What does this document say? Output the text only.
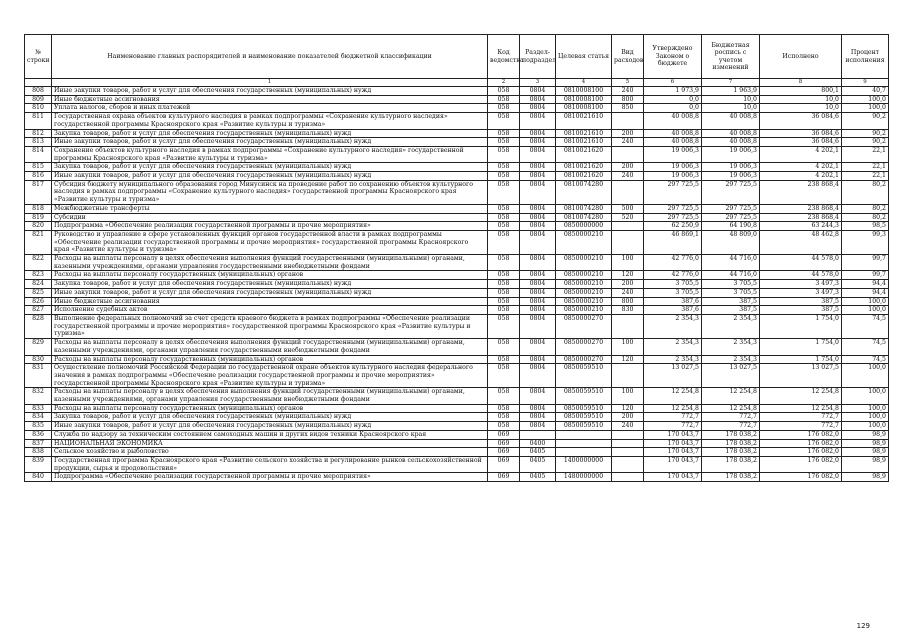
№ строки	Наименование главных распорядителей и наименование показателей бюджетной классификации	Код ведомства	Раздел-подраздел	Целевая статья	Вид расходов	Утверждено Законом о бюджете	Бюджетная роспись с учетом изменений	Исполнено	Процент исполнения
	1	2	3	4	5	6	7	8	9
808	Иные закупки товаров, работ и услуг для обеспечения государственных (муниципальных) нужд	058	0804	0810008100	240	1 973,9	1 963,9	800,1	40,7
809	Иные бюджетные ассигнования	058	0804	0810008100	800	0,0	10,0	10,0	100,0
810	Уплата налогов, сборов и иных платежей	058	0804	0810008100	850	0,0	10,0	10,0	100,0
811	Государственная охрана объектов культурного наследия в рамках подпрограммы «Сохранение культурного наследия» государственной программы Красноярского края «Развитие культуры и туризма»	058	0804	0810021610		40 008,8	40 008,8	36 084,6	90,2
812	Закупка товаров, работ и услуг для обеспечения государственных (муниципальных) нужд	058	0804	0810021610	200	40 008,8	40 008,8	36 084,6	90,2
813	Иные закупки товаров, работ и услуг для обеспечения государственных (муниципальных) нужд	058	0804	0810021610	240	40 008,8	40 008,8	36 084,6	90,2
814	Сохранение объектов культурного наследия в рамках подпрограммы «Сохранение культурного наследия» государственной программы Красноярского края «Развитие культуры и туризма»	058	0804	0810021620		19 006,3	19 006,3	4 202,1	22,1
815	Закупка товаров, работ и услуг для обеспечения государственных (муниципальных) нужд	058	0804	0810021620	200	19 006,3	19 006,3	4 202,1	22,1
816	Иные закупки товаров, работ и услуг для обеспечения государственных (муниципальных) нужд	058	0804	0810021620	240	19 006,3	19 006,3	4 202,1	22,1
817	Субсидия бюджету муниципального образования город Минусинск на проведение работ по сохранению объектов культурного наследия в рамках подпрограммы «Сохранение культурного наследия» государственной программы Красноярского края «Развитие культуры и туризма»	058	0804	0810074280		297 725,5	297 725,5	238 868,4	80,2
818	Межбюджетные трансферты	058	0804	0810074280	500	297 725,5	297 725,5	238 868,4	80,2
819	Субсидии	058	0804	0810074280	520	297 725,5	297 725,5	238 868,4	80,2
820	Подпрограмма «Обеспечение реализации государственной программы и прочие мероприятия»	058	0804	0850000000		62 250,9	64 190,8	63 244,3	98,5
821	Руководство и управление в сфере установленных функций органов государственной власти в рамках подпрограммы «Обеспечение реализации государственной программы и прочие мероприятия» государственной программы Красноярского края «Развитие культуры и туризма»	058	0804	0850000210		46 869,1	48 809,0	48 462,8	99,3
822	Расходы на выплаты персоналу в целях обеспечения выполнения функций государственными (муниципальными) органами, казенными учреждениями, органами управления государственными внебюджетными фондами	058	0804	0850000210	100	42 776,0	44 716,0	44 578,0	99,7
823	Расходы на выплаты персоналу государственных (муниципальных) органов	058	0804	0850000210	120	42 776,0	44 716,0	44 578,0	99,7
824	Закупка товаров, работ и услуг для обеспечения государственных (муниципальных) нужд	058	0804	0850000210	200	3 705,5	3 705,5	3 497,3	94,4
825	Иные закупки товаров, работ и услуг для обеспечения государственных (муниципальных) нужд	058	0804	0850000210	240	3 705,5	3 705,5	3 497,3	94,4
826	Иные бюджетные ассигнования	058	0804	0850000210	800	387,6	387,5	387,5	100,0
827	Исполнение судебных актов	058	0804	0850000210	830	387,6	387,5	387,5	100,0
828	Выполнение федеральных полномочий за счет средств краевого бюджета в рамках подпрограммы «Обеспечение реализации государственной программы и прочие мероприятия» государственной программы Красноярского края «Развитие культуры и туризма»	058	0804	0850000270		2 354,3	2 354,3	1 754,0	74,5
829	Расходы на выплаты персоналу в целях обеспечения выполнения функций государственными (муниципальными) органами, казенными учреждениями, органами управления государственными внебюджетными фондами	058	0804	0850000270	100	2 354,3	2 354,3	1 754,0	74,5
830	Расходы на выплаты персоналу государственных (муниципальных) органов	058	0804	0850000270	120	2 354,3	2 354,3	1 754,0	74,5
831	Осуществление полномочий Российской Федерации по государственной охране объектов культурного наследия федерального значения в рамках подпрограммы «Обеспечение реализации государственной программы и прочие мероприятия» государственной программы Красноярского края «Развитие культуры и туризма»	058	0804	0850059510		13 027,5	13 027,5	13 027,5	100,0
832	Расходы на выплаты персоналу в целях обеспечения выполнения функций государственными (муниципальными) органами, казенными учреждениями, органами управления государственными внебюджетными фондами	058	0804	0850059510	100	12 254,8	12 254,8	12 254,8	100,0
833	Расходы на выплаты персоналу государственных (муниципальных) органов	058	0804	0850059510	120	12 254,8	12 254,8	12 254,8	100,0
834	Закупка товаров, работ и услуг для обеспечения государственных (муниципальных) нужд	058	0804	0850059510	200	772,7	772,7	772,7	100,0
835	Иные закупки товаров, работ и услуг для обеспечения государственных (муниципальных) нужд	058	0804	0850059510	240	772,7	772,7	772,7	100,0
836	Служба по надзору за техническим состоянием самоходных машин и других видов техники Красноярского края	069				170 043,7	178 038,2	176 082,0	98,9
837	НАЦИОНАЛЬНАЯ ЭКОНОМИКА	069	0400			170 043,7	178 038,2	176 082,0	98,9
838	Сельское хозяйство и рыболовство	069	0405			170 043,7	178 038,2	176 082,0	98,9
839	Государственная программа Красноярского края «Развитие сельского хозяйства и регулирование рынков сельскохозяйственной продукции, сырья и продовольствия»	069	0405	1400000000		170 043,7	178 038,2	176 082,0	98,9
840	Подпрограмма «Обеспечение реализации государственной программы и прочие мероприятия»	069	0405	1480000000		170 043,7	178 038,2	176 082,0	98,9
129
